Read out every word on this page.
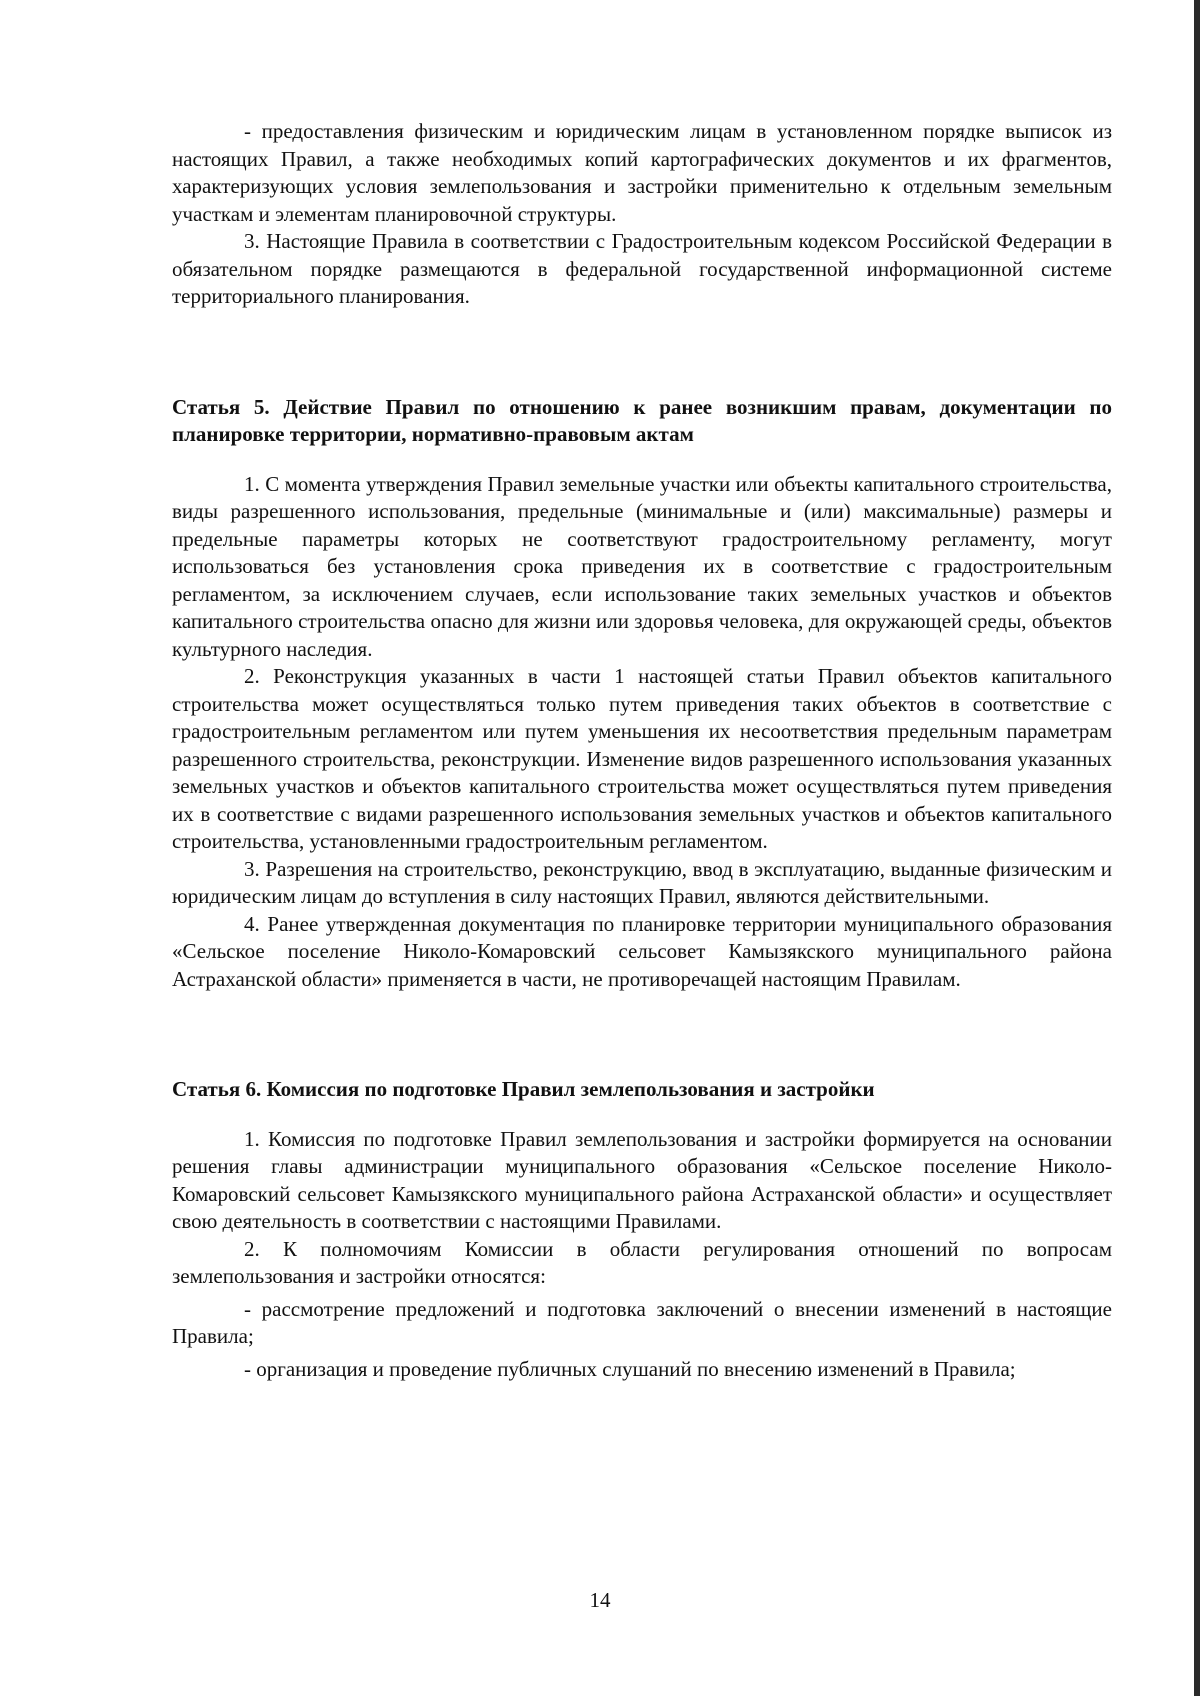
- предоставления физическим и юридическим лицам в установленном порядке выписок из настоящих Правил, а также необходимых копий картографических документов и их фрагментов, характеризующих условия землепользования и застройки применительно к отдельным земельным участкам и элементам планировочной структуры.

3. Настоящие Правила в соответствии с Градостроительным кодексом Российской Федерации в обязательном порядке размещаются в федеральной государственной информационной системе территориального планирования.

Статья 5. Действие Правил по отношению к ранее возникшим правам, документации по планировке территории, нормативно-правовым актам

1. С момента утверждения Правил земельные участки или объекты капитального строительства, виды разрешенного использования, предельные (минимальные и (или) максимальные) размеры и предельные параметры которых не соответствуют градостроительному регламенту, могут использоваться без установления срока приведения их в соответствие с градостроительным регламентом, за исключением случаев, если использование таких земельных участков и объектов капитального строительства опасно для жизни или здоровья человека, для окружающей среды, объектов культурного наследия.

2. Реконструкция указанных в части 1 настоящей статьи Правил объектов капитального строительства может осуществляться только путем приведения таких объектов в соответствие с градостроительным регламентом или путем уменьшения их несоответствия предельным параметрам разрешенного строительства, реконструкции. Изменение видов разрешенного использования указанных земельных участков и объектов капитального строительства может осуществляться путем приведения их в соответствие с видами разрешенного использования земельных участков и объектов капитального строительства, установленными градостроительным регламентом.

3. Разрешения на строительство, реконструкцию, ввод в эксплуатацию, выданные физическим и юридическим лицам до вступления в силу настоящих Правил, являются действительными.

4. Ранее утвержденная документация по планировке территории муниципального образования «Сельское поселение Николо-Комаровский сельсовет Камызякского муниципального района Астраханской области» применяется в части, не противоречащей настоящим Правилам.

Статья 6. Комиссия по подготовке Правил землепользования и застройки

1. Комиссия по подготовке Правил землепользования и застройки формируется на основании решения главы администрации муниципального образования «Сельское поселение Николо-Комаровский сельсовет Камызякского муниципального района Астраханской области» и осуществляет свою деятельность в соответствии с настоящими Правилами.

2. К полномочиям Комиссии в области регулирования отношений по вопросам землепользования и застройки относятся:

- рассмотрение предложений и подготовка заключений о внесении изменений в настоящие Правила;

- организация и проведение публичных слушаний по внесению изменений в Правила;

14
